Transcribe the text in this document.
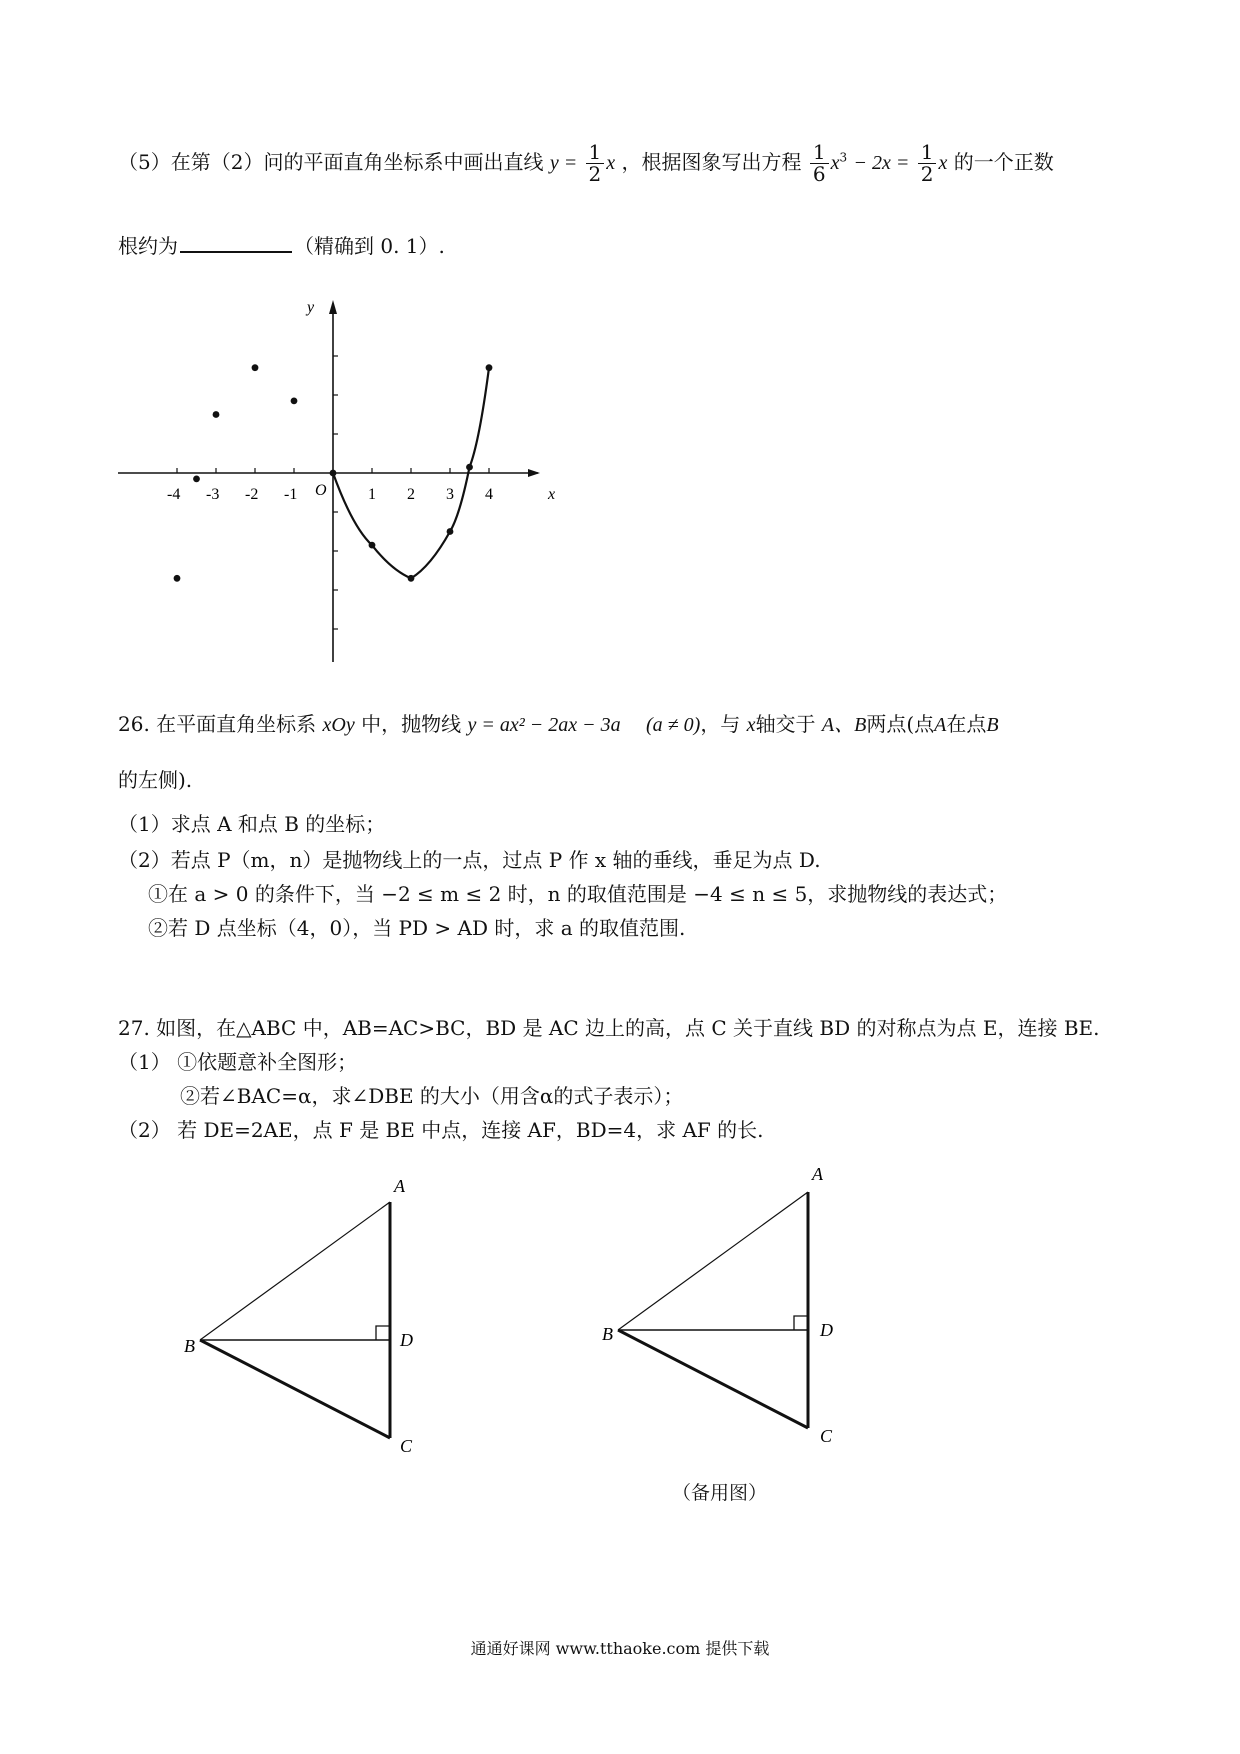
（5）在第（2）问的平面直角坐标系中画出直线 $y = \frac{1}{2}$ x ，根据图象写出方程 $\frac{1}{6} x^3 - 2x = \frac{1}{2}$ x 的一个正数
根约为	（精确到 0. 1）.
-4 -3 -2 -1	1 2 3 4
O	x
y
26. 在平面直角坐标系 xOy 中，抛物线 y = ax² − 2ax − 3a (a ≠ 0)，与 x轴交于 A、B两点(点A在点B
的左侧).
（1）求点 A 和点 B 的坐标；
（2）若点 P（m，n）是抛物线上的一点，过点 P 作 x 轴的垂线，垂足为点 D.
①在 a > 0 的条件下，当 −2 ≤ m ≤ 2 时，n 的取值范围是 −4 ≤ n ≤ 5，求抛物线的表达式；
②若 D 点坐标（4，0），当 PD > AD 时，求 a 的取值范围.
27. 如图，在△ABC 中，AB=AC>BC，BD 是 AC 边上的高，点 C 关于直线 BD 的对称点为点 E，连接 BE.
（1） ①依题意补全图形；
②若∠BAC=α，求∠DBE 的大小（用含α的式子表示）；
（2） 若 DE=2AE，点 F 是 BE 中点，连接 AF，BD=4，求 AF 的长.
A
B
C
D
A
B
C
D
（备用图）
通通好课网 www.tthaoke.com 提供下载
